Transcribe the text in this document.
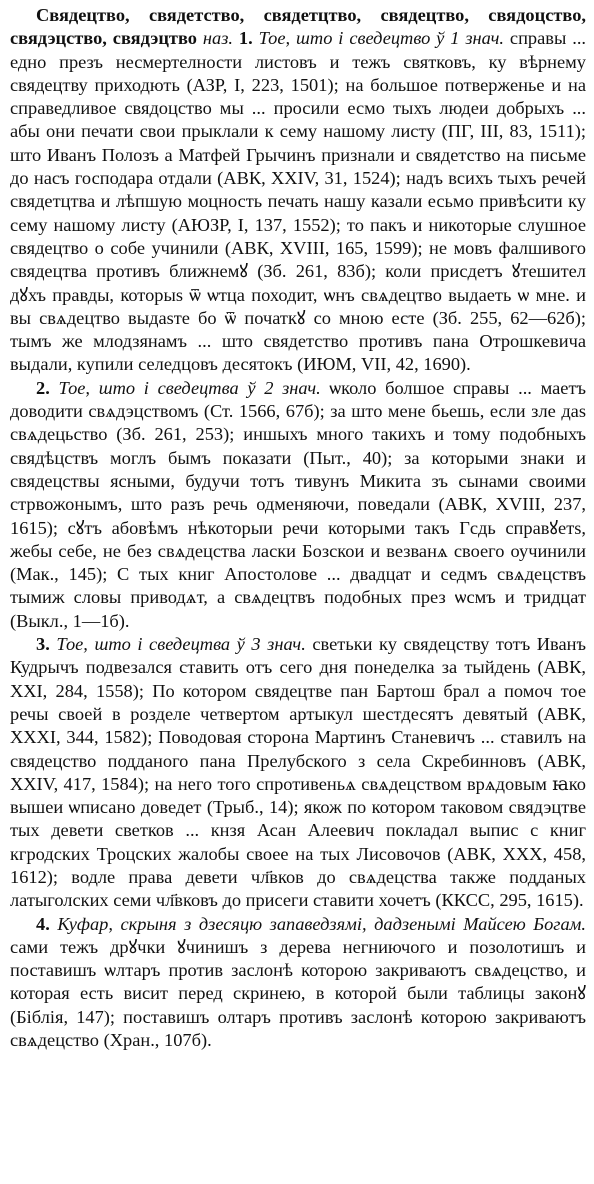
Свядецтво, свядетство, свядетцтво, свядецтво, свядоцство, свядэцство, свядэцтво наз. 1. Тое, што і сведецтво ў 1 знач. справы ... едно презъ несмертелности листовъ и тежъ святковъ, ку вѣрнему свядецтву приходють (АЗР, I, 223, 1501); на большое потверженье и на справедливое свядоцство мы ... просили есмо тыхъ людеи добрыхъ ... абы они печати свои прыклали к сему нашому листу (ПГ, III, 83, 1511); што Иванъ Полозъ а Матфей Грычинъ признали и свядетство на письме до насъ господара отдали (АВК, XXIV, 31, 1524); надъ всихъ тыхъ речей свядетцтва и лѣпшую моцность печать нашу казали есьмо привѣсити ку сему нашому листу (АЮЗР, I, 137, 1552); то пакъ и никоторые слушное свядецтво о собе учинили (АВК, XVIII, 165, 1599); не мовъ фалшивого свядецтва противъ ближнемꙋ (Зб. 261, 83б); коли присдетъ ꙋтешител дꙋхъ правды, которыs ѿ ѡтца походит, ѡнъ свѧдецтво выдаеть ѡ мне. и вы свѧдецтво выдаsте бо ѿ початкꙋ со мною есте (Зб. 255, 62—62б); тымъ же млодзянамъ ... што свядетство противъ пана Отрошкевича выдали, купили селедцовъ десятокъ (ИЮМ, VII, 42, 1690).

2. Тое, што і сведецтва ў 2 знач. ѡколо болшое справы ... маетъ доводити свѧдэцствомъ (Ст. 1566, 67б); за што мене бьешь, если зле даs свѧдецьство (Зб. 261, 253); иншыхъ много такихъ и тому подобныхъ свядѣцствъ моглъ бымъ показати (Пыт., 40); за которыми знаки и свядецствы ясными, будучи тотъ тивунъ Микита зъ сынами своими стрвожонымъ, што разъ речь одменяючи, поведали (АВК, XVIII, 237, 1615); сꙋтъ абовѣмъ нѣкоторыи речи которыми такъ Гсдь справꙋетs, жебы себе, не без свѧдецства ласки Бозскои и везванѧ своего оучинили (Мак., 145); С тых книг Апостолове ... двадцат и седмъ свѧдецствъ тымиж словы приводѧт, а свѧдецтвъ подобных през ѡсмъ и тридцат (Выкл., 1—1б).

3. Тое, што і сведецтва ў 3 знач. светьки ку свядецству тотъ Иванъ Кудрычъ подвезался ставить отъ сего дня понеделка за тыйдень (АВК, XXI, 284, 1558); По котором свядецтве пан Бартош брал а помоч тое речы своей в розделе четвертом артыкул шестдесятъ девятый (АВК, XXXI, 344, 1582); Поводовая сторона Мартинъ Станевичъ ... ставилъ на свядецство подданого пана Прелубского з села Скребинновъ (АВК, XXIV, 417, 1584); на него того спротивеньѧ свѧдецством врѧдовым ꙗко вышеи ѡписано доведет (Трыб., 14); якож по котором таковом свядэцтве тых девети светков ... кнзя Асан Алеевич покладал выпис с книг кгродских Троцских жалобы своее на тых Лисовочов (АВК, XXX, 458, 1612); водле права девети чл҃вков до свѧдецства также подданых латыголских семи чл҃вковъ до присеги ставити хочетъ (ККСС, 295, 1615).

4. Куфар, скрыня з дзесяцю запаведзямі, дадзенымі Майсею Богам. сами тежъ дрꙋчки ꙋчинишъ з дерева негниючого и позолотишъ и поставишъ ѡлтаръ против заслонѣ которою закриваютъ свѧдецство, и которая есть висит перед скринею, в которой были таблицы законꙋ (Біблія, 147); поставишъ олтаръ противъ заслонѣ которою закриваютъ свѧдецство (Хран., 107б).
